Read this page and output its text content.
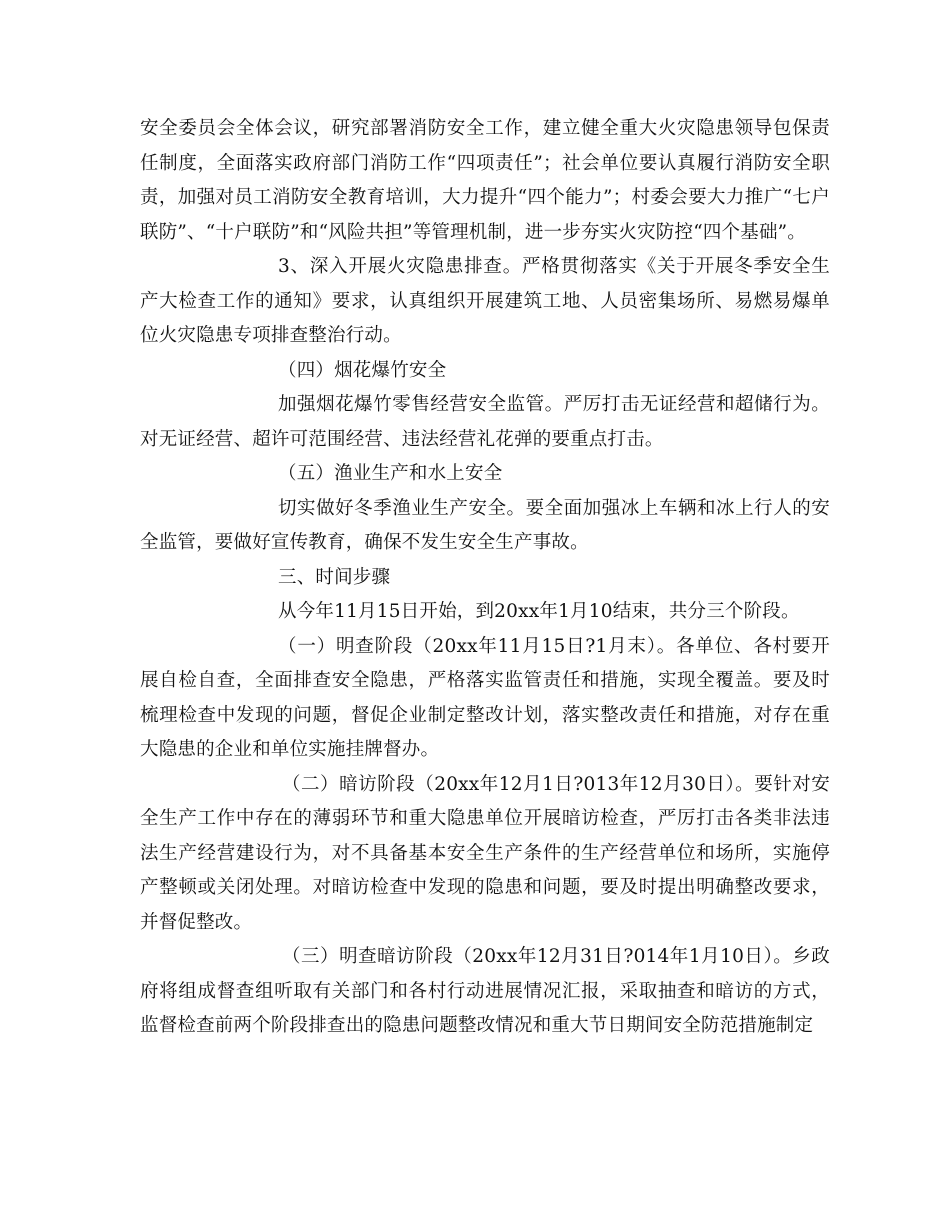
安全委员会全体会议，研究部署消防安全工作，建立健全重大火灾隐患领导包保责任制度，全面落实政府部门消防工作“四项责任”；社会单位要认真履行消防安全职责，加强对员工消防安全教育培训，大力提升“四个能力”；村委会要大力推广“七户联防”、“十户联防”和“风险共担”等管理机制，进一步夯实火灾防控“四个基础”。

3、深入开展火灾隐患排查。严格贯彻落实《关于开展冬季安全生产大检查工作的通知》要求，认真组织开展建筑工地、人员密集场所、易燃易爆单位火灾隐患专项排查整治行动。

（四）烟花爆竹安全

加强烟花爆竹零售经营安全监管。严厉打击无证经营和超储行为。对无证经营、超许可范围经营、违法经营礼花弹的要重点打击。

（五）渔业生产和水上安全

切实做好冬季渔业生产安全。要全面加强冰上车辆和冰上行人的安全监管，要做好宣传教育，确保不发生安全生产事故。

三、时间步骤

从今年11月15日开始，到20xx年1月10结束，共分三个阶段。

（一）明查阶段（20xx年11月15日?1月末）。各单位、各村要开展自检自查，全面排查安全隐患，严格落实监管责任和措施，实现全覆盖。要及时梳理检查中发现的问题，督促企业制定整改计划，落实整改责任和措施，对存在重大隐患的企业和单位实施挂牌督办。

（二）暗访阶段（20xx年12月1日?013年12月30日）。要针对安全生产工作中存在的薄弱环节和重大隐患单位开展暗访检查，严厉打击各类非法违法生产经营建设行为，对不具备基本安全生产条件的生产经营单位和场所，实施停产整顿或关闭处理。对暗访检查中发现的隐患和问题，要及时提出明确整改要求，并督促整改。

（三）明查暗访阶段（20xx年12月31日?014年1月10日）。乡政府将组成督查组听取有关部门和各村行动进展情况汇报，采取抽查和暗访的方式，监督检查前两个阶段排查出的隐患问题整改情况和重大节日期间安全防范措施制定
